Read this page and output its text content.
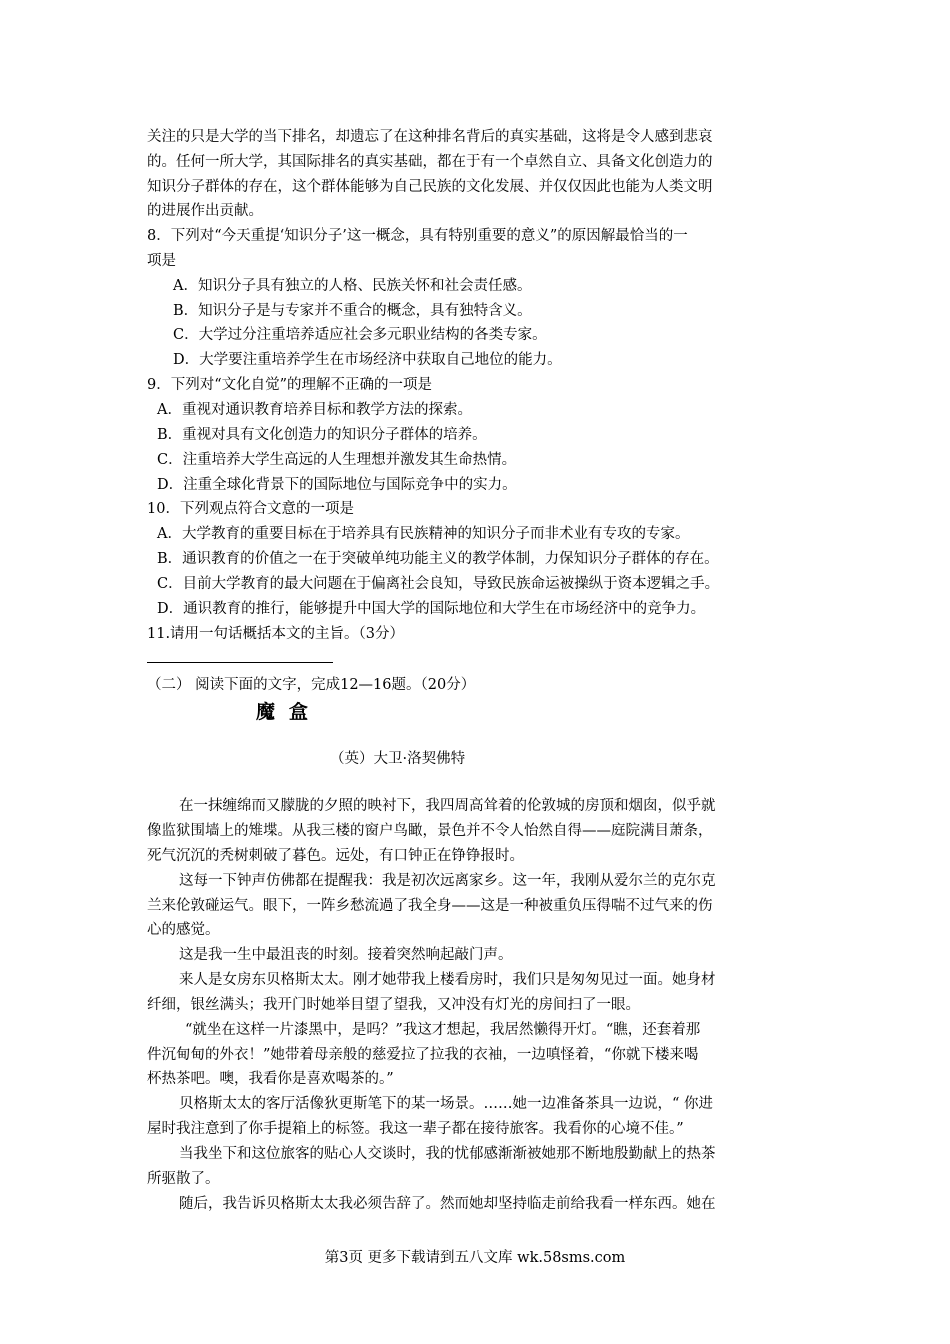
关注的只是大学的当下排名，却遗忘了在这种排名背后的真实基础，这将是令人感到悲哀
的。任何一所大学，其国际排名的真实基础，都在于有一个卓然自立、具备文化创造力的
知识分子群体的存在，这个群体能够为自己民族的文化发展、并仅仅因此也能为人类文明
的进展作出贡献。
8．下列对“今天重提‘知识分子’这一概念，具有特别重要的意义”的原因解最恰当的一
项是
A．知识分子具有独立的人格、民族关怀和社会责任感。
B．知识分子是与专家并不重合的概念，具有独特含义。
C．大学过分注重培养适应社会多元职业结构的各类专家。
D．大学要注重培养学生在市场经济中获取自己地位的能力。
9．下列对“文化自觉”的理解不正确的一项是
A．重视对通识教育培养目标和教学方法的探索。
B．重视对具有文化创造力的知识分子群体的培养。
C．注重培养大学生高远的人生理想并激发其生命热情。
D．注重全球化背景下的国际地位与国际竞争中的实力。
10．下列观点符合文意的一项是
A．大学教育的重要目标在于培养具有民族精神的知识分子而非术业有专攻的专家。
B．通识教育的价值之一在于突破单纯功能主义的教学体制，力保知识分子群体的存在。
C．目前大学教育的最大问题在于偏离社会良知，导致民族命运被操纵于资本逻辑之手。
D．通识教育的推行，能够提升中国大学的国际地位和大学生在市场经济中的竞争力。
11.请用一句话概括本文的主旨。（3分）
（二） 阅读下面的文字，完成12—16题。（20分）
魔盒
（英）大卫·洛契佛特
在一抹缠绵而又朦胧的夕照的映衬下，我四周高耸着的伦敦城的房顶和烟囱，似乎就
像监狱围墙上的雉堞。从我三楼的窗户鸟瞰，景色并不令人怡然自得——庭院满目萧条，
死气沉沉的秃树刺破了暮色。远处，有口钟正在铮铮报时。
这每一下钟声仿佛都在提醒我：我是初次远离家乡。这一年，我刚从爱尔兰的克尔克
兰来伦敦碰运气。眼下，一阵乡愁流過了我全身——这是一种被重负压得喘不过气来的伤
心的感觉。
这是我一生中最沮丧的时刻。接着突然响起敲门声。
来人是女房东贝格斯太太。刚才她带我上楼看房时，我们只是匆匆见过一面。她身材
纤细，银丝满头；我开门时她举目望了望我，又冲没有灯光的房间扫了一眼。
“就坐在这样一片漆黑中，是吗？”我这才想起，我居然懒得开灯。“瞧，还套着那
件沉甸甸的外衣！”她带着母亲般的慈爱拉了拉我的衣袖，一边嗔怪着，“你就下楼来喝
杯热茶吧。噢，我看你是喜欢喝茶的。”
贝格斯太太的客厅活像狄更斯笔下的某一场景。……她一边准备茶具一边说，“ 你进
屋时我注意到了你手提箱上的标签。我这一辈子都在接待旅客。我看你的心境不佳。”
当我坐下和这位旅客的贴心人交谈时，我的忧郁感渐渐被她那不断地殷勤献上的热茶
所驱散了。
随后，我告诉贝格斯太太我必须告辞了。然而她却坚持临走前给我看一样东西。她在
第3页 更多下载请到五八文库 wk.58sms.com
